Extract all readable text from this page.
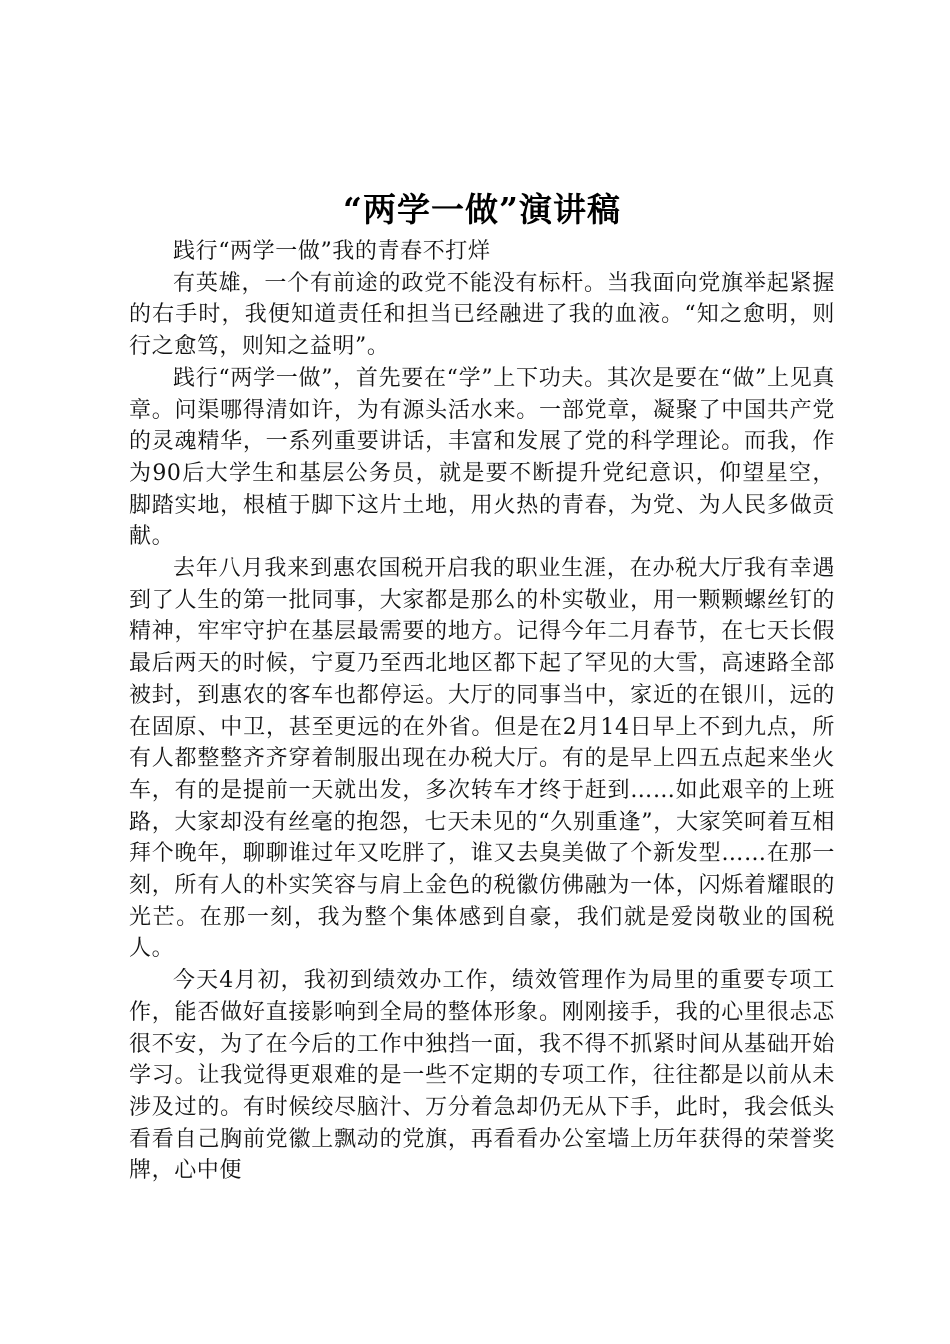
“两学一做”演讲稿

践行“两学一做”我的青春不打烊

有英雄，一个有前途的政党不能没有标杆。当我面向党旗举起紧握的右手时，我便知道责任和担当已经融进了我的血液。“知之愈明，则行之愈笃，则知之益明”。

践行“两学一做”，首先要在“学”上下功夫。其次是要在“做”上见真章。问渠哪得清如许，为有源头活水来。一部党章，凝聚了中国共产党的灵魂精华，一系列重要讲话，丰富和发展了党的科学理论。而我，作为90后大学生和基层公务员，就是要不断提升党纪意识，仰望星空，脚踏实地，根植于脚下这片土地，用火热的青春，为党、为人民多做贡献。

去年八月我来到惠农国税开启我的职业生涯，在办税大厅我有幸遇到了人生的第一批同事，大家都是那么的朴实敬业，用一颗颗螺丝钉的精神，牢牢守护在基层最需要的地方。记得今年二月春节，在七天长假最后两天的时候，宁夏乃至西北地区都下起了罕见的大雪，高速路全部被封，到惠农的客车也都停运。大厅的同事当中，家近的在银川，远的在固原、中卫，甚至更远的在外省。但是在2月14日早上不到九点，所有人都整整齐齐穿着制服出现在办税大厅。有的是早上四五点起来坐火车，有的是提前一天就出发，多次转车才终于赶到……如此艰辛的上班路，大家却没有丝毫的抱怨，七天未见的“久别重逢”，大家笑呵着互相拜个晚年，聊聊谁过年又吃胖了，谁又去臭美做了个新发型……在那一刻，所有人的朴实笑容与肩上金色的税徽仿佛融为一体，闪烁着耀眼的光芒。在那一刻，我为整个集体感到自豪，我们就是爱岗敬业的国税人。

今天4月初，我初到绩效办工作，绩效管理作为局里的重要专项工作，能否做好直接影响到全局的整体形象。刚刚接手，我的心里很忐忑很不安，为了在今后的工作中独挡一面，我不得不抓紧时间从基础开始学习。让我觉得更艰难的是一些不定期的专项工作，往往都是以前从未涉及过的。有时候绞尽脑汁、万分着急却仍无从下手，此时，我会低头看看自己胸前党徽上飘动的党旗，再看看办公室墙上历年获得的荣誉奖牌，心中便
